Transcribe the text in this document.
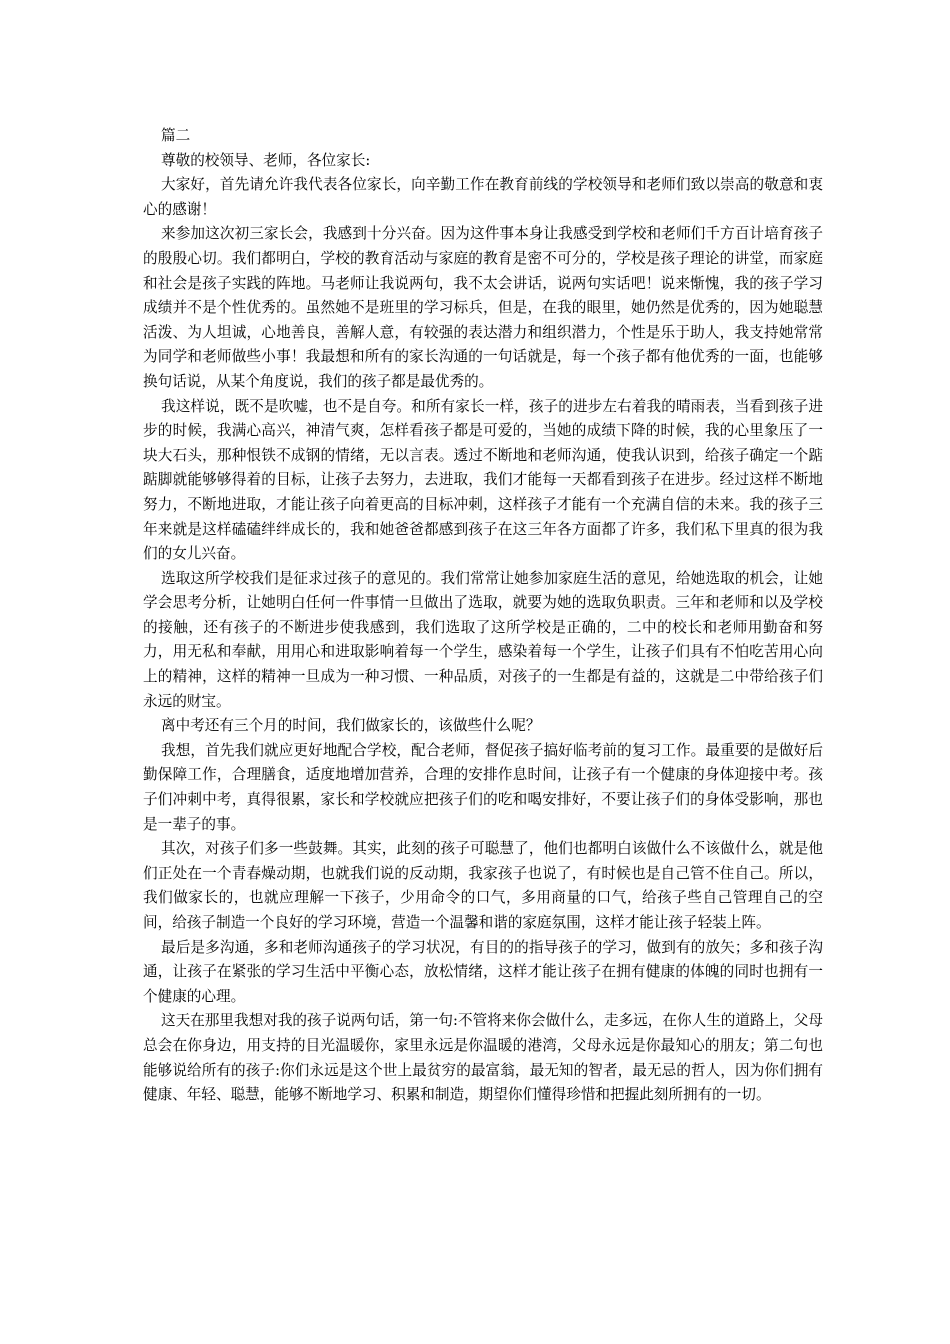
篇二

尊敬的校领导、老师，各位家长:

大家好，首先请允许我代表各位家长，向辛勤工作在教育前线的学校领导和老师们致以崇高的敬意和衷心的感谢！

来参加这次初三家长会，我感到十分兴奋。因为这件事本身让我感受到学校和老师们千方百计培育孩子的殷殷心切。我们都明白，学校的教育活动与家庭的教育是密不可分的，学校是孩子理论的讲堂，而家庭和社会是孩子实践的阵地。马老师让我说两句，我不太会讲话，说两句实话吧！说来惭愧，我的孩子学习成绩并不是个性优秀的。虽然她不是班里的学习标兵，但是，在我的眼里，她仍然是优秀的，因为她聪慧活泼、为人坦诚，心地善良，善解人意，有较强的表达潜力和组织潜力，个性是乐于助人，我支持她常常为同学和老师做些小事！我最想和所有的家长沟通的一句话就是，每一个孩子都有他优秀的一面，也能够换句话说，从某个角度说，我们的孩子都是最优秀的。

我这样说，既不是吹嘘，也不是自夸。和所有家长一样，孩子的进步左右着我的晴雨表，当看到孩子进步的时候，我满心高兴，神清气爽，怎样看孩子都是可爱的，当她的成绩下降的时候，我的心里象压了一块大石头，那种恨铁不成钢的情绪，无以言表。透过不断地和老师沟通，使我认识到，给孩子确定一个踮踮脚就能够够得着的目标，让孩子去努力，去进取，我们才能每一天都看到孩子在进步。经过这样不断地努力，不断地进取，才能让孩子向着更高的目标冲刺，这样孩子才能有一个充满自信的未来。我的孩子三年来就是这样磕磕绊绊成长的，我和她爸爸都感到孩子在这三年各方面都了许多，我们私下里真的很为我们的女儿兴奋。

选取这所学校我们是征求过孩子的意见的。我们常常让她参加家庭生活的意见，给她选取的机会，让她学会思考分析，让她明白任何一件事情一旦做出了选取，就要为她的选取负职责。三年和老师和以及学校的接触，还有孩子的不断进步使我感到，我们选取了这所学校是正确的，二中的校长和老师用勤奋和努力，用无私和奉献，用用心和进取影响着每一个学生，感染着每一个学生，让孩子们具有不怕吃苦用心向上的精神，这样的精神一旦成为一种习惯、一种品质，对孩子的一生都是有益的，这就是二中带给孩子们永远的财宝。

离中考还有三个月的时间，我们做家长的，该做些什么呢？

我想，首先我们就应更好地配合学校，配合老师，督促孩子搞好临考前的复习工作。最重要的是做好后勤保障工作，合理膳食，适度地增加营养，合理的安排作息时间，让孩子有一个健康的身体迎接中考。孩子们冲刺中考，真得很累，家长和学校就应把孩子们的吃和喝安排好，不要让孩子们的身体受影响，那也是一辈子的事。

其次，对孩子们多一些鼓舞。其实，此刻的孩子可聪慧了，他们也都明白该做什么不该做什么，就是他们正处在一个青春燥动期，也就我们说的反动期，我家孩子也说了，有时候也是自己管不住自己。所以，我们做家长的，也就应理解一下孩子，少用命令的口气，多用商量的口气，给孩子些自己管理自己的空间，给孩子制造一个良好的学习环境，营造一个温馨和谐的家庭氛围，这样才能让孩子轻装上阵。

最后是多沟通，多和老师沟通孩子的学习状况，有目的的指导孩子的学习，做到有的放矢；多和孩子沟通，让孩子在紧张的学习生活中平衡心态，放松情绪，这样才能让孩子在拥有健康的体魄的同时也拥有一个健康的心理。

这天在那里我想对我的孩子说两句话，第一句:不管将来你会做什么，走多远，在你人生的道路上，父母总会在你身边，用支持的目光温暖你，家里永远是你温暖的港湾，父母永远是你最知心的朋友；第二句也能够说给所有的孩子:你们永远是这个世上最贫穷的最富翁，最无知的智者，最无忌的哲人，因为你们拥有健康、年轻、聪慧，能够不断地学习、积累和制造，期望你们懂得珍惜和把握此刻所拥有的一切。
